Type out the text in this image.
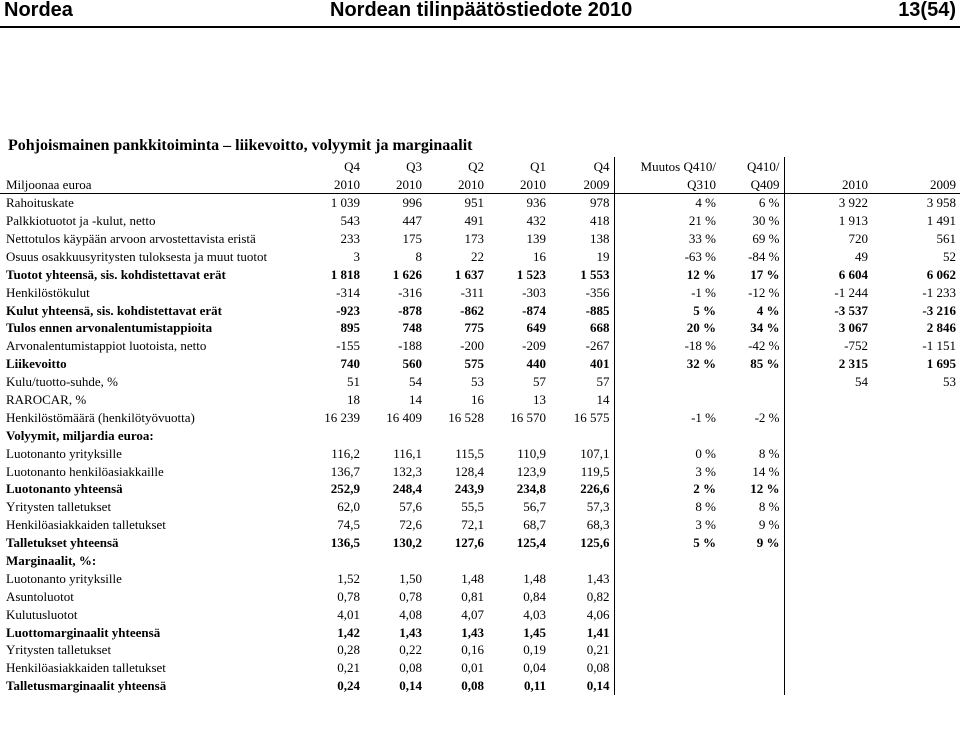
Nordea	Nordean tilinpäätöstiedote 2010	13(54)
Pohjoismainen pankkitoiminta – liikevoitto, volyymit ja marginaalit
	Q4	Q3	Q2	Q1	Q4	Muutos Q410/	Q410/		
Miljoonaa euroa	2010	2010	2010	2010	2009	Q310	Q409	2010	2009
Rahoituskate	1 039	996	951	936	978	4 %	6 %	3 922	3 958
Palkkiotuotot ja -kulut, netto	543	447	491	432	418	21 %	30 %	1 913	1 491
Nettotulos käypään arvoon arvostettavista eristä	233	175	173	139	138	33 %	69 %	720	561
Osuus osakkuusyritysten tuloksesta ja muut tuotot	3	8	22	16	19	-63 %	-84 %	49	52
Tuotot yhteensä, sis. kohdistettavat erät	1 818	1 626	1 637	1 523	1 553	12 %	17 %	6 604	6 062
Henkilöstökulut	-314	-316	-311	-303	-356	-1 %	-12 %	-1 244	-1 233
Kulut yhteensä, sis. kohdistettavat erät	-923	-878	-862	-874	-885	5 %	4 %	-3 537	-3 216
Tulos ennen arvonalentumistappioita	895	748	775	649	668	20 %	34 %	3 067	2 846
Arvonalentumistappiot luotoista, netto	-155	-188	-200	-209	-267	-18 %	-42 %	-752	-1 151
Liikevoitto	740	560	575	440	401	32 %	85 %	2 315	1 695
Kulu/tuotto-suhde, %	51	54	53	57	57			54	53
RAROCAR, %	18	14	16	13	14				
Henkilöstömäärä (henkilötyövuotta)	16 239	16 409	16 528	16 570	16 575	-1 %	-2 %		
Volyymit, miljardia euroa:									
Luotonanto yrityksille	116,2	116,1	115,5	110,9	107,1	0 %	8 %		
Luotonanto henkilöasiakkaille	136,7	132,3	128,4	123,9	119,5	3 %	14 %		
Luotonanto yhteensä	252,9	248,4	243,9	234,8	226,6	2 %	12 %		
Yritysten talletukset	62,0	57,6	55,5	56,7	57,3	8 %	8 %		
Henkilöasiakkaiden talletukset	74,5	72,6	72,1	68,7	68,3	3 %	9 %		
Talletukset yhteensä	136,5	130,2	127,6	125,4	125,6	5 %	9 %		
Marginaalit, %:									
Luotonanto yrityksille	1,52	1,50	1,48	1,48	1,43				
Asuntoluotot	0,78	0,78	0,81	0,84	0,82				
Kulutusluotot	4,01	4,08	4,07	4,03	4,06				
Luottomarginaalit yhteensä	1,42	1,43	1,43	1,45	1,41				
Yritysten talletukset	0,28	0,22	0,16	0,19	0,21				
Henkilöasiakkaiden talletukset	0,21	0,08	0,01	0,04	0,08				
Talletusmarginaalit yhteensä	0,24	0,14	0,08	0,11	0,14				
